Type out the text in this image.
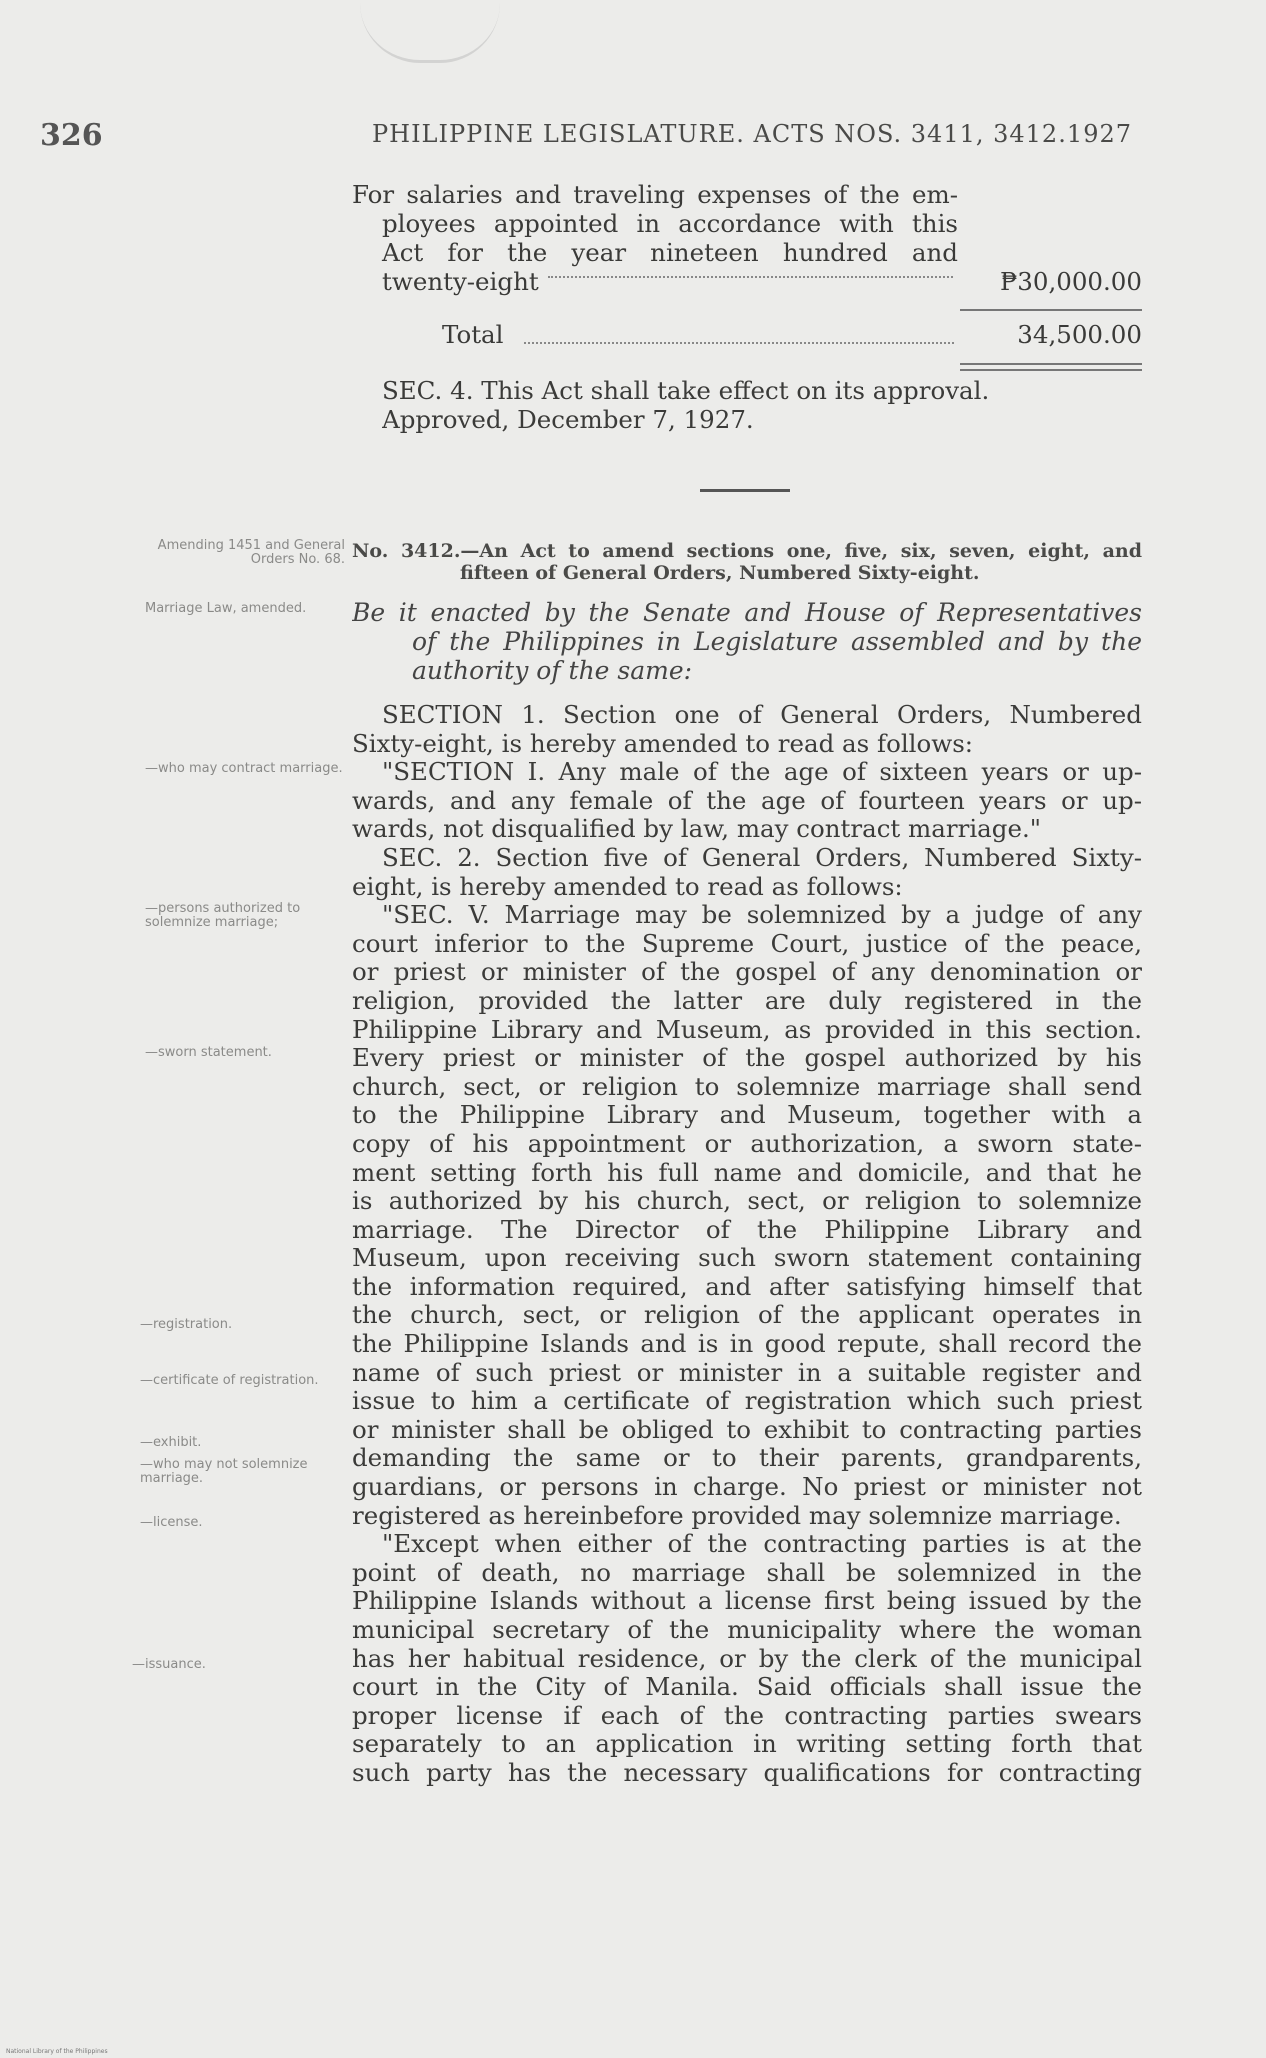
326	PHILIPPINE LEGISLATURE. ACTS NOS. 3411, 3412. 1927
For salaries and traveling expenses of the em-
ployees appointed in accordance with this
Act for the year nineteen hundred and
twenty-eight	₱30,000.00
34,500.00
Total
SEC. 4. This Act shall take effect on its approval.
Approved, December 7, 1927.
No. 3412.—An Act to amend sections one, five, six, seven, eight, and
fifteen of General Orders, Numbered Sixty-eight.
Be it enacted by the Senate and House of Representatives
of the Philippines in Legislature assembled and by the
authority of the same:
Amending 1451 and General Orders No. 68.
Marriage Law, amended.
—who may contract marriage.
—persons authorized to solemnize marriage;
—sworn statement.
—registration.
—certificate of registration.
—exhibit.
—who may not solemnize marriage.
—license.
—issuance.
SECTION 1. Section one of General Orders, Numbered
Sixty-eight, is hereby amended to read as follows:
"SECTION I. Any male of the age of sixteen years or up-
wards, and any female of the age of fourteen years or up-
wards, not disqualified by law, may contract marriage."
SEC. 2. Section five of General Orders, Numbered Sixty-
eight, is hereby amended to read as follows:
"SEC. V. Marriage may be solemnized by a judge of any
court inferior to the Supreme Court, justice of the peace,
or priest or minister of the gospel of any denomination or
religion, provided the latter are duly registered in the
Philippine Library and Museum, as provided in this section.
Every priest or minister of the gospel authorized by his
church, sect, or religion to solemnize marriage shall send
to the Philippine Library and Museum, together with a
copy of his appointment or authorization, a sworn state-
ment setting forth his full name and domicile, and that he
is authorized by his church, sect, or religion to solemnize
marriage. The Director of the Philippine Library and
Museum, upon receiving such sworn statement containing
the information required, and after satisfying himself that
the church, sect, or religion of the applicant operates in
the Philippine Islands and is in good repute, shall record the
name of such priest or minister in a suitable register and
issue to him a certificate of registration which such priest
or minister shall be obliged to exhibit to contracting parties
demanding the same or to their parents, grandparents,
guardians, or persons in charge. No priest or minister not
registered as hereinbefore provided may solemnize marriage.
"Except when either of the contracting parties is at the
point of death, no marriage shall be solemnized in the
Philippine Islands without a license first being issued by the
municipal secretary of the municipality where the woman
has her habitual residence, or by the clerk of the municipal
court in the City of Manila. Said officials shall issue the
proper license if each of the contracting parties swears
separately to an application in writing setting forth that
such party has the necessary qualifications for contracting
National Library of the Philippines
